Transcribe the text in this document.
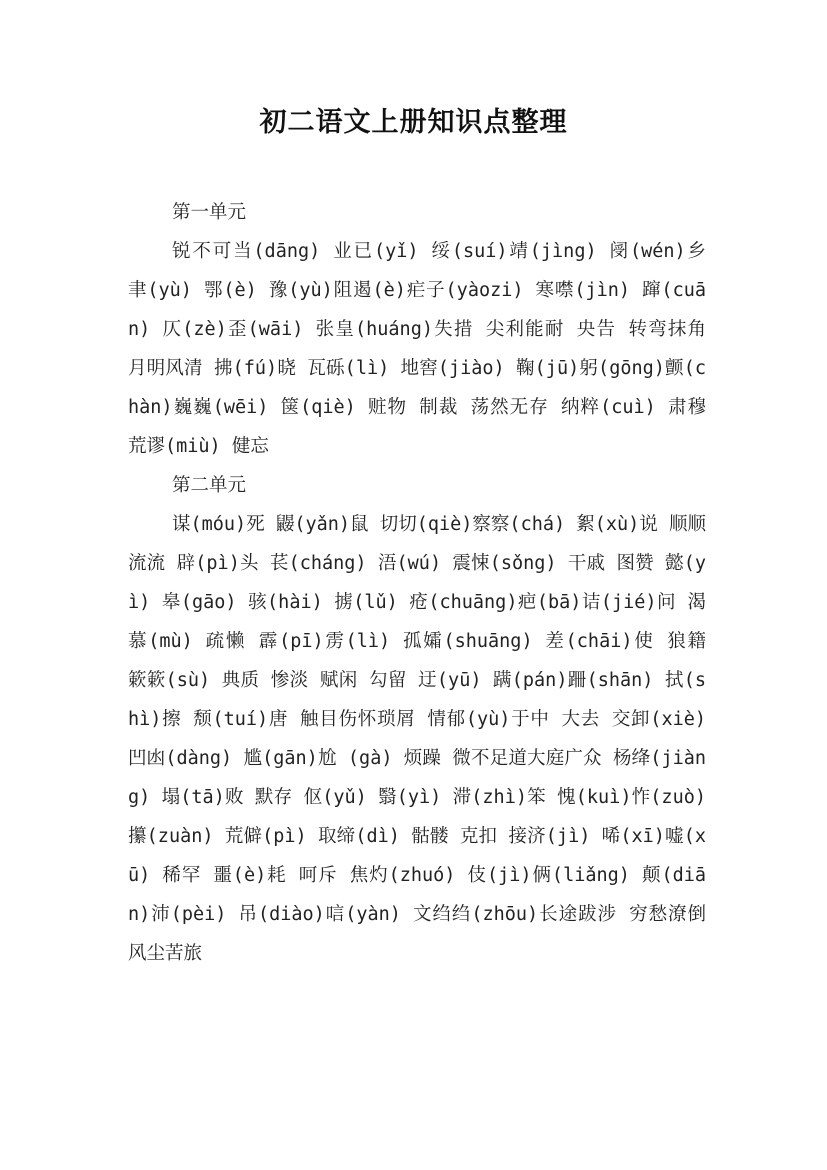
初二语文上册知识点整理

第一单元

锐不可当(dāng) 业已(yǐ) 绥(suí)靖(jìng) 阌(wén)乡 聿(yù) 鄂(è) 豫(yù)阻遏(è)疟子(yàozi) 寒噤(jìn) 蹿(cuān) 仄(zè)歪(wāi) 张皇(huáng)失措 尖利能耐 央告 转弯抹角 月明风清 拂(fú)晓 瓦砾(lì) 地窖(jiào) 鞠(jū)躬(gōng)颤(chàn)巍巍(wēi) 箧(qiè) 赃物 制裁 荡然无存 纳粹(cuì) 肃穆 荒谬(miù) 健忘

第二单元

谋(móu)死 鼹(yǎn)鼠 切切(qiè)察察(chá) 絮(xù)说 顺顺流流 辟(pì)头 苌(cháng) 浯(wú) 震悚(sǒng) 干戚 图赞 懿(yì) 皋(gāo) 骇(hài) 掳(lǔ) 疮(chuāng)疤(bā)诘(jié)问 渴慕(mù) 疏懒 霹(pī)雳(lì) 孤孀(shuāng) 差(chāi)使 狼籍 簌簌(sù) 典质 惨淡 赋闲 勾留 迂(yū) 蹒(pán)跚(shān) 拭(shì)擦 颓(tuí)唐 触目伤怀琐屑 情郁(yù)于中 大去 交卸(xiè) 凹凼(dàng) 尴(gān)尬 (gà) 烦躁 微不足道大庭广众 杨绛(jiàng) 塌(tā)败 默存 伛(yǔ) 翳(yì) 滞(zhì)笨 愧(kuì)怍(zuò)攥(zuàn) 荒僻(pì) 取缔(dì) 骷髅 克扣 接济(jì) 唏(xī)嘘(xū) 稀罕 噩(è)耗 呵斥 焦灼(zhuó) 伎(jì)俩(liǎng) 颠(diān)沛(pèi) 吊(diào)唁(yàn) 文绉绉(zhōu)长途跋涉 穷愁潦倒 风尘苦旅
